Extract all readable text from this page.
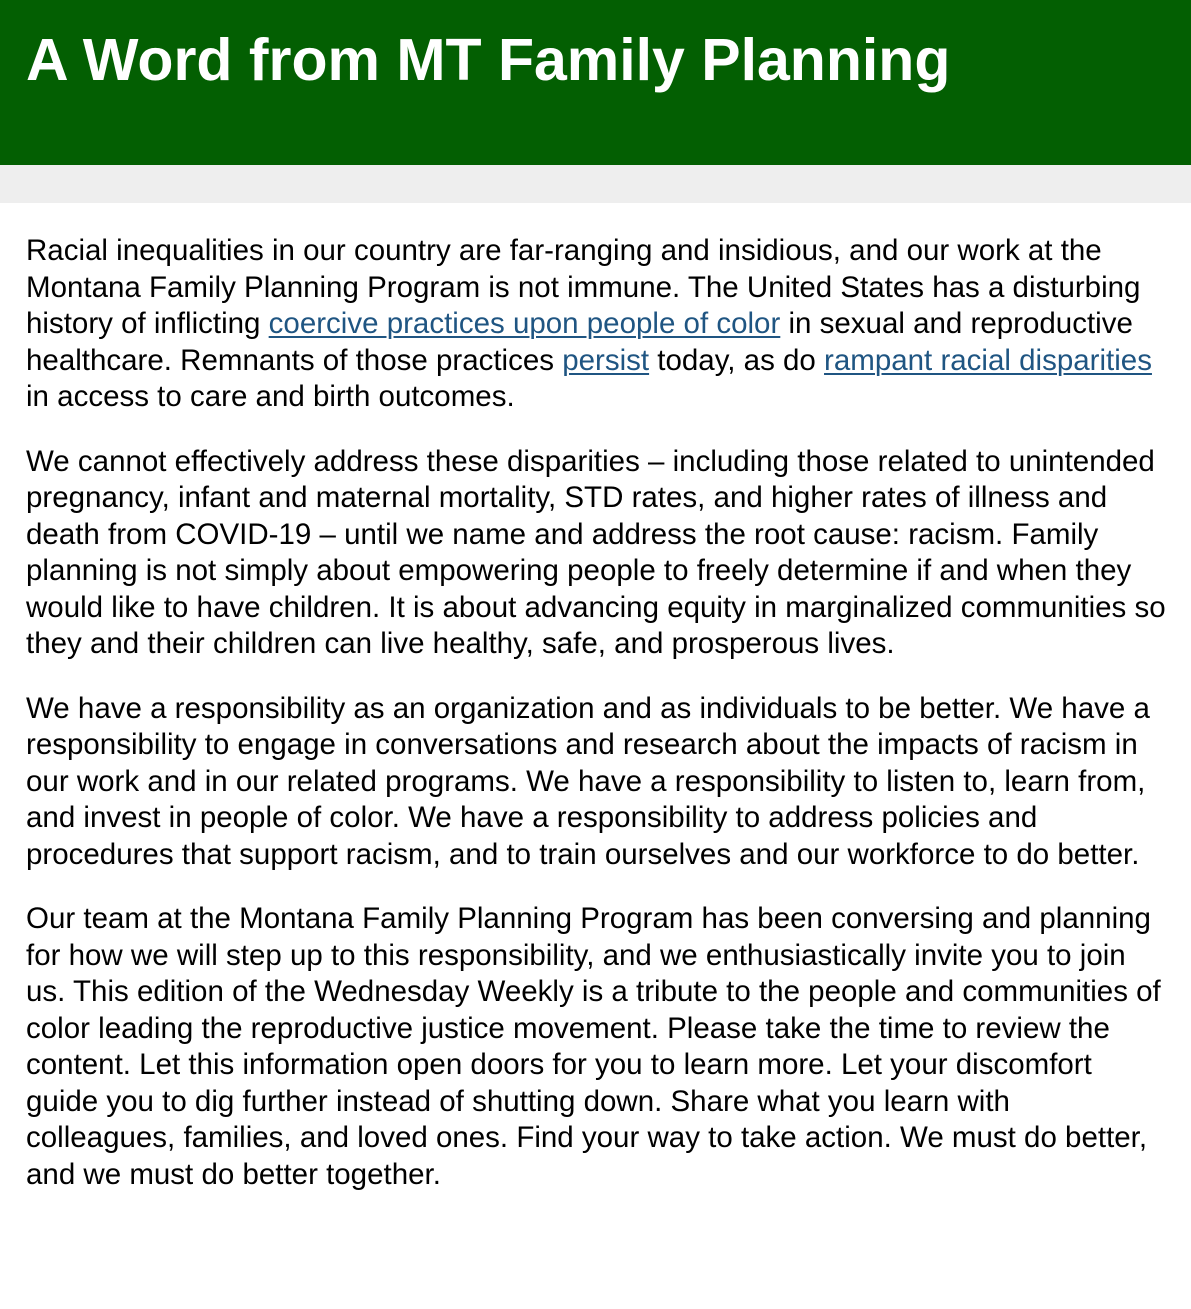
A Word from MT Family Planning

Racial inequalities in our country are far-ranging and insidious, and our work at the Montana Family Planning Program is not immune. The United States has a disturbing history of inflicting coercive practices upon people of color in sexual and reproductive healthcare. Remnants of those practices persist today, as do rampant racial disparities in access to care and birth outcomes.

We cannot effectively address these disparities – including those related to unintended pregnancy, infant and maternal mortality, STD rates, and higher rates of illness and death from COVID-19 – until we name and address the root cause: racism. Family planning is not simply about empowering people to freely determine if and when they would like to have children. It is about advancing equity in marginalized communities so they and their children can live healthy, safe, and prosperous lives.

We have a responsibility as an organization and as individuals to be better. We have a responsibility to engage in conversations and research about the impacts of racism in our work and in our related programs. We have a responsibility to listen to, learn from, and invest in people of color. We have a responsibility to address policies and procedures that support racism, and to train ourselves and our workforce to do better.

Our team at the Montana Family Planning Program has been conversing and planning for how we will step up to this responsibility, and we enthusiastically invite you to join us. This edition of the Wednesday Weekly is a tribute to the people and communities of color leading the reproductive justice movement. Please take the time to review the content. Let this information open doors for you to learn more. Let your discomfort guide you to dig further instead of shutting down. Share what you learn with colleagues, families, and loved ones. Find your way to take action. We must do better, and we must do better together.
